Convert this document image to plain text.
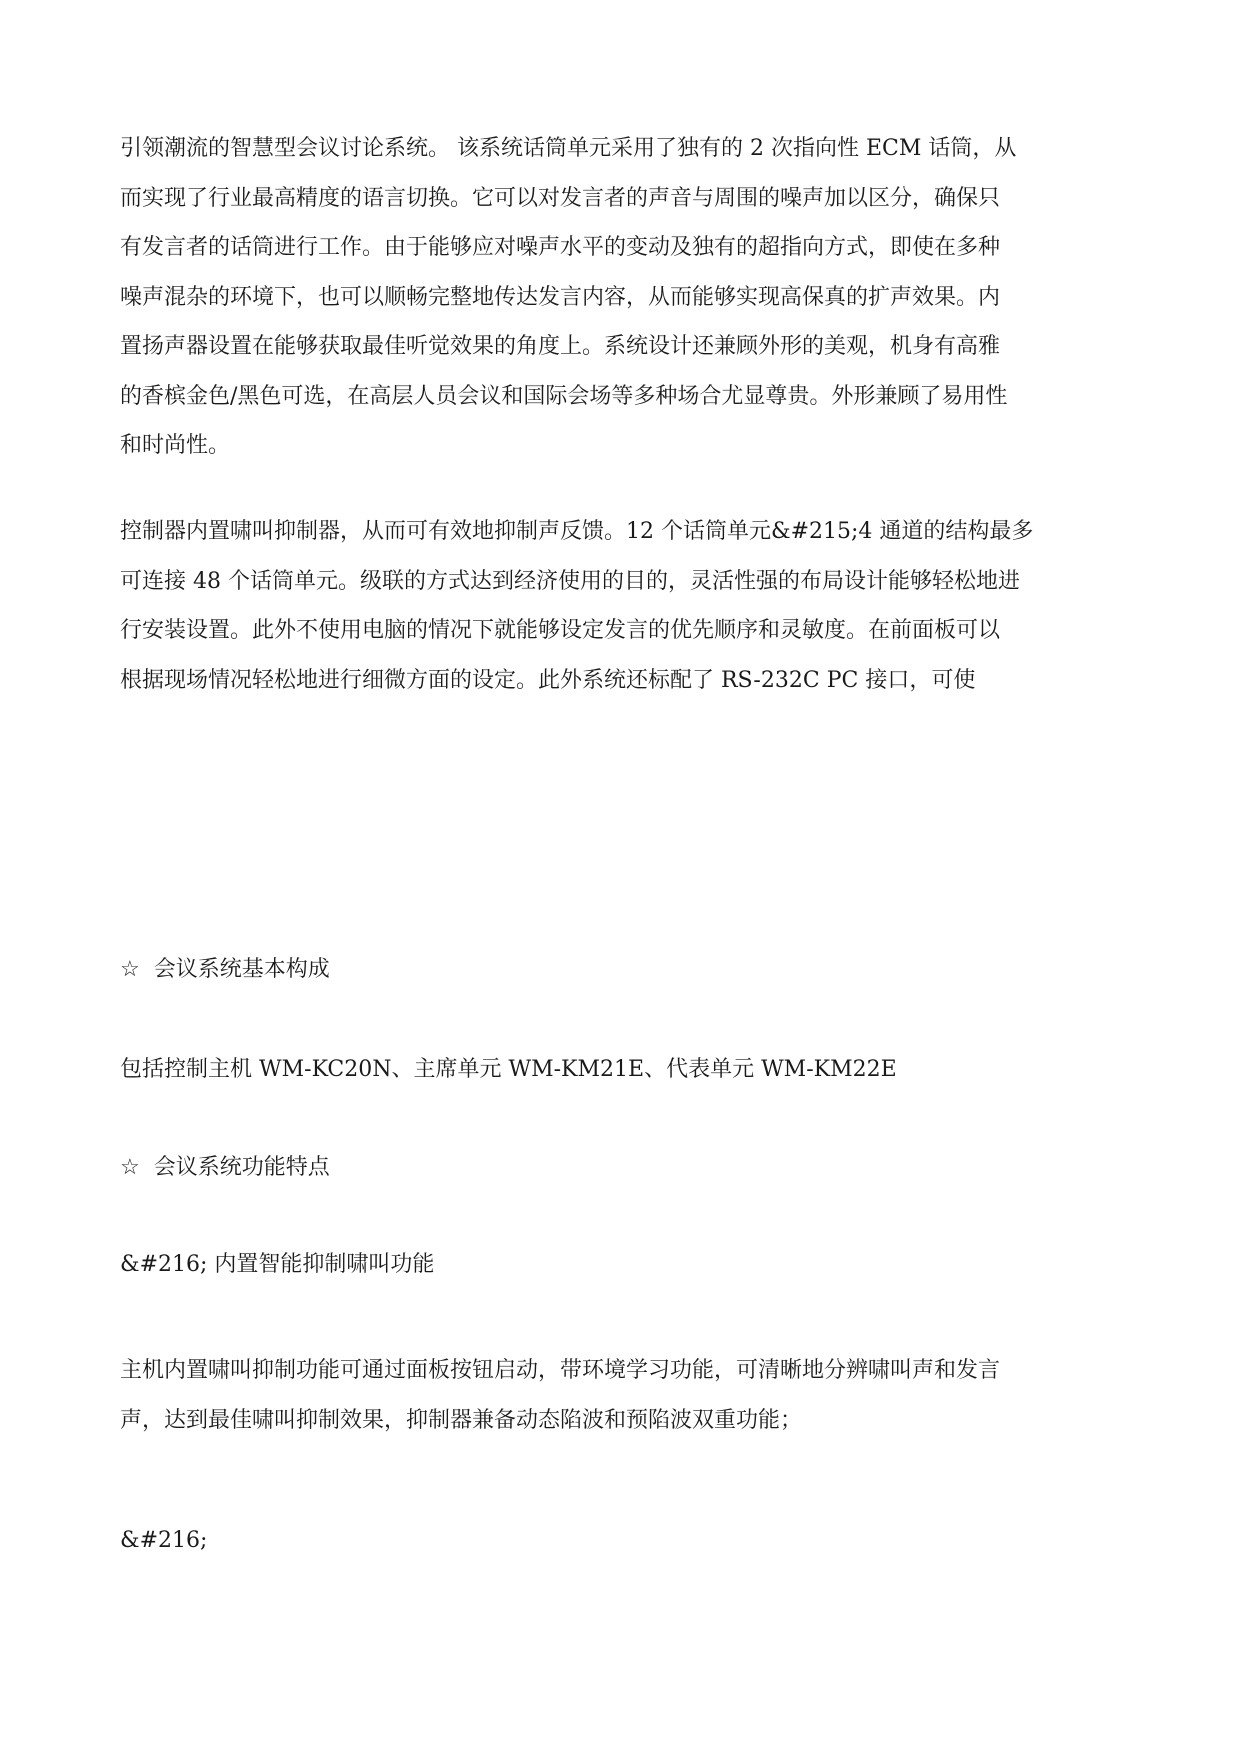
引领潮流的智慧型会议讨论系统。 该系统话筒单元采用了独有的 2 次指向性 ECM 话筒，从
而实现了行业最高精度的语言切换。它可以对发言者的声音与周围的噪声加以区分，确保只
有发言者的话筒进行工作。由于能够应对噪声水平的变动及独有的超指向方式，即使在多种
噪声混杂的环境下，也可以顺畅完整地传达发言内容，从而能够实现高保真的扩声效果。内
置扬声器设置在能够获取最佳听觉效果的角度上。系统设计还兼顾外形的美观，机身有高雅
的香槟金色/黑色可选，在高层人员会议和国际会场等多种场合尤显尊贵。外形兼顾了易用性
和时尚性。
控制器内置啸叫抑制器，从而可有效地抑制声反馈。12 个话筒单元&#215;4 通道的结构最多
可连接 48 个话筒单元。级联的方式达到经济使用的目的，灵活性强的布局设计能够轻松地进
行安装设置。此外不使用电脑的情况下就能够设定发言的优先顺序和灵敏度。在前面板可以
根据现场情况轻松地进行细微方面的设定。此外系统还标配了 RS-232C PC 接口，可使
☆ 会议系统基本构成
包括控制主机 WM-KC20N、主席单元 WM-KM21E、代表单元 WM-KM22E
☆ 会议系统功能特点
&#216; 内置智能抑制啸叫功能
主机内置啸叫抑制功能可通过面板按钮启动，带环境学习功能，可清晰地分辨啸叫声和发言
声，达到最佳啸叫抑制效果，抑制器兼备动态陷波和预陷波双重功能；
&#216;
